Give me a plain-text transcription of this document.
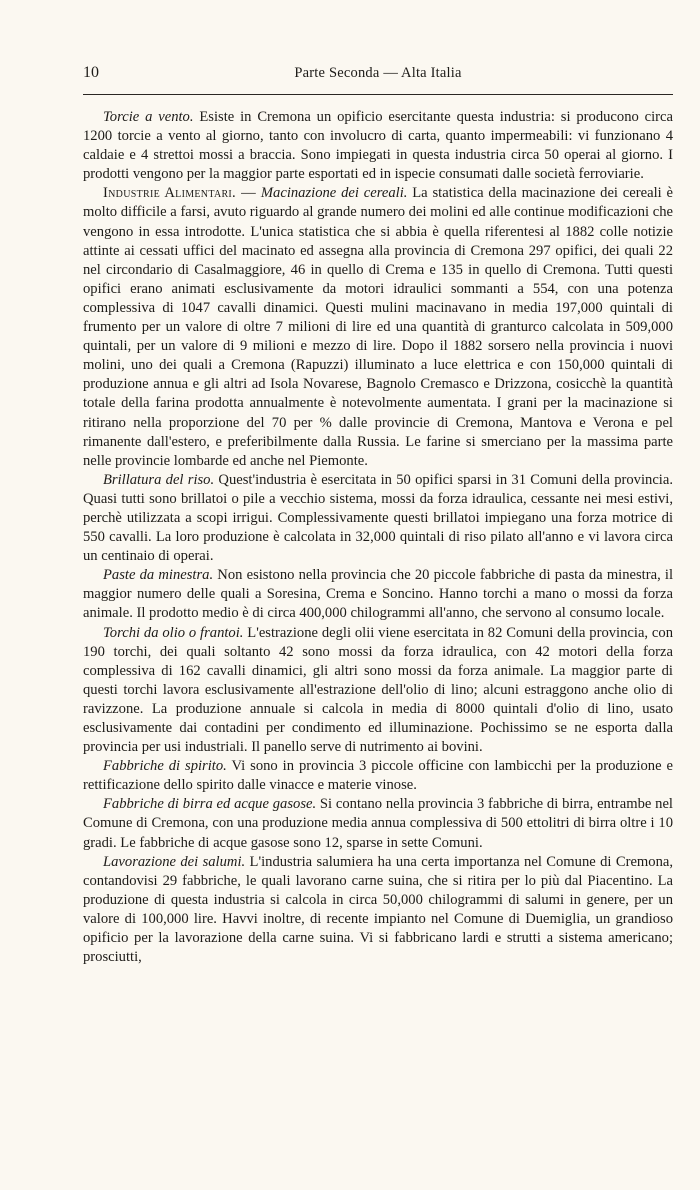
10	Parte Seconda — Alta Italia

Torcie a vento. Esiste in Cremona un opificio esercitante questa industria: si producono circa 1200 torcie a vento al giorno, tanto con involucro di carta, quanto impermeabili: vi funzionano 4 caldaie e 4 strettoi mossi a braccia. Sono impiegati in questa industria circa 50 operai al giorno. I prodotti vengono per la maggior parte esportati ed in ispecie consumati dalle società ferroviarie.

Industrie Alimentari. — Macinazione dei cereali. La statistica della macinazione dei cereali è molto difficile a farsi, avuto riguardo al grande numero dei molini ed alle continue modificazioni che vengono in essa introdotte. L'unica statistica che si abbia è quella riferentesi al 1882 colle notizie attinte ai cessati uffici del macinato ed assegna alla provincia di Cremona 297 opifici, dei quali 22 nel circondario di Casalmaggiore, 46 in quello di Crema e 135 in quello di Cremona. Tutti questi opifici erano animati esclusivamente da motori idraulici sommanti a 554, con una potenza complessiva di 1047 cavalli dinamici. Questi mulini macinavano in media 197,000 quintali di frumento per un valore di oltre 7 milioni di lire ed una quantità di granturco calcolata in 509,000 quintali, per un valore di 9 milioni e mezzo di lire. Dopo il 1882 sorsero nella provincia i nuovi molini, uno dei quali a Cremona (Rapuzzi) illuminato a luce elettrica e con 150,000 quintali di produzione annua e gli altri ad Isola Novarese, Bagnolo Cremasco e Drizzona, cosicchè la quantità totale della farina prodotta annualmente è notevolmente aumentata. I grani per la macinazione si ritirano nella proporzione del 70 per % dalle provincie di Cremona, Mantova e Verona e pel rimanente dall'estero, e preferibilmente dalla Russia. Le farine si smerciano per la massima parte nelle provincie lombarde ed anche nel Piemonte.

Brillatura del riso. Quest'industria è esercitata in 50 opifici sparsi in 31 Comuni della provincia. Quasi tutti sono brillatoi o pile a vecchio sistema, mossi da forza idraulica, cessante nei mesi estivi, perchè utilizzata a scopi irrigui. Complessivamente questi brillatoi impiegano una forza motrice di 550 cavalli. La loro produzione è calcolata in 32,000 quintali di riso pilato all'anno e vi lavora circa un centinaio di operai.

Paste da minestra. Non esistono nella provincia che 20 piccole fabbriche di pasta da minestra, il maggior numero delle quali a Soresina, Crema e Soncino. Hanno torchi a mano o mossi da forza animale. Il prodotto medio è di circa 400,000 chilogrammi all'anno, che servono al consumo locale.

Torchi da olio o frantoi. L'estrazione degli olii viene esercitata in 82 Comuni della provincia, con 190 torchi, dei quali soltanto 42 sono mossi da forza idraulica, con 42 motori della forza complessiva di 162 cavalli dinamici, gli altri sono mossi da forza animale. La maggior parte di questi torchi lavora esclusivamente all'estrazione dell'olio di lino; alcuni estraggono anche olio di ravizzone. La produzione annuale si calcola in media di 8000 quintali d'olio di lino, usato esclusivamente dai contadini per condimento ed illuminazione. Pochissimo se ne esporta dalla provincia per usi industriali. Il panello serve di nutrimento ai bovini.

Fabbriche di spirito. Vi sono in provincia 3 piccole officine con lambicchi per la produzione e rettificazione dello spirito dalle vinacce e materie vinose.

Fabbriche di birra ed acque gasose. Si contano nella provincia 3 fabbriche di birra, entrambe nel Comune di Cremona, con una produzione media annua complessiva di 500 ettolitri di birra oltre i 10 gradi. Le fabbriche di acque gasose sono 12, sparse in sette Comuni.

Lavorazione dei salumi. L'industria salumiera ha una certa importanza nel Comune di Cremona, contandovisi 29 fabbriche, le quali lavorano carne suina, che si ritira per lo più dal Piacentino. La produzione di questa industria si calcola in circa 50,000 chilogrammi di salumi in genere, per un valore di 100,000 lire. Havvi inoltre, di recente impianto nel Comune di Duemiglia, un grandioso opificio per la lavorazione della carne suina. Vi si fabbricano lardi e strutti a sistema americano; prosciutti,
